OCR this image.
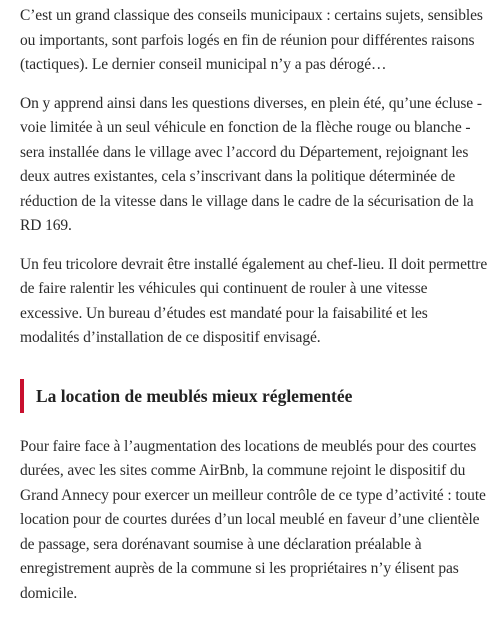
C’est un grand classique des conseils municipaux : certains sujets, sensibles ou importants, sont parfois logés en fin de réunion pour différentes raisons (tactiques). Le dernier conseil municipal n’y a pas dérogé…

On y apprend ainsi dans les questions diverses, en plein été, qu’une écluse - voie limitée à un seul véhicule en fonction de la flèche rouge ou blanche - sera installée dans le village avec l’accord du Département, rejoignant les deux autres existantes, cela s’inscrivant dans la politique déterminée de réduction de la vitesse dans le village dans le cadre de la sécurisation de la RD 169.

Un feu tricolore devrait être installé également au chef-lieu. Il doit permettre de faire ralentir les véhicules qui continuent de rouler à une vitesse excessive. Un bureau d’études est mandaté pour la faisabilité et les modalités d’installation de ce dispositif envisagé.

La location de meublés mieux réglementée

Pour faire face à l’augmentation des locations de meublés pour des courtes durées, avec les sites comme AirBnb, la commune rejoint le dispositif du Grand Annecy pour exercer un meilleur contrôle de ce type d’activité : toute location pour de courtes durées d’un local meublé en faveur d’une clientèle de passage, sera dorénavant soumise à une déclaration préalable à enregistrement auprès de la commune si les propriétaires n’y élisent pas domicile.
